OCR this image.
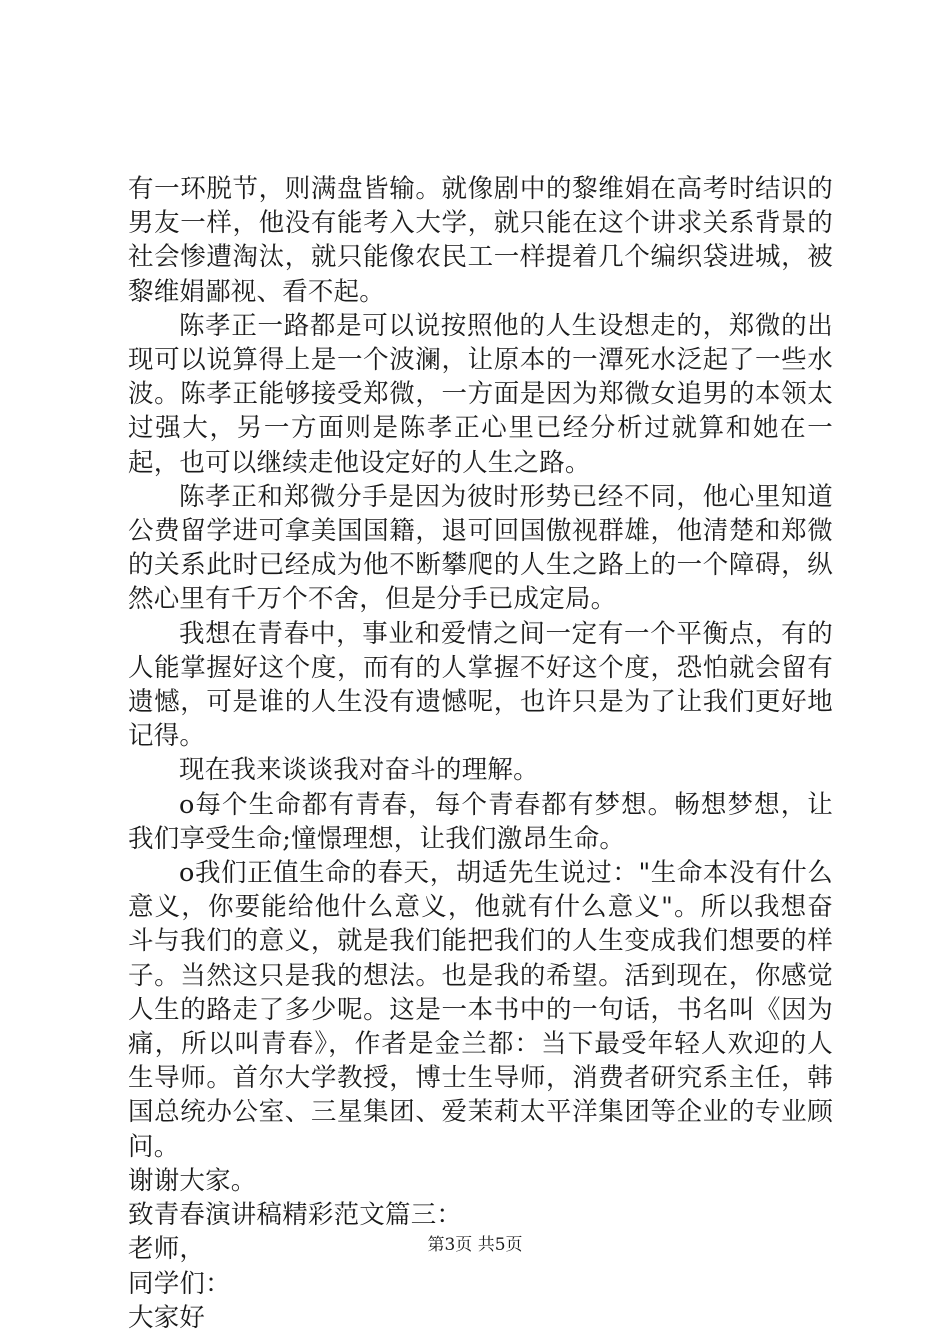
有一环脱节，则满盘皆输。就像剧中的黎维娟在高考时结识的男友一样，他没有能考入大学，就只能在这个讲求关系背景的社会惨遭淘汰，就只能像农民工一样提着几个编织袋进城，被黎维娟鄙视、看不起。

陈孝正一路都是可以说按照他的人生设想走的，郑微的出现可以说算得上是一个波澜，让原本的一潭死水泛起了一些水波。陈孝正能够接受郑微，一方面是因为郑微女追男的本领太过强大，另一方面则是陈孝正心里已经分析过就算和她在一起，也可以继续走他设定好的人生之路。

陈孝正和郑微分手是因为彼时形势已经不同，他心里知道公费留学进可拿美国国籍，退可回国傲视群雄，他清楚和郑微的关系此时已经成为他不断攀爬的人生之路上的一个障碍，纵然心里有千万个不舍，但是分手已成定局。

我想在青春中，事业和爱情之间一定有一个平衡点，有的人能掌握好这个度，而有的人掌握不好这个度，恐怕就会留有遗憾，可是谁的人生没有遗憾呢，也许只是为了让我们更好地记得。

现在我来谈谈我对奋斗的理解。

o每个生命都有青春，每个青春都有梦想。畅想梦想，让我们享受生命;憧憬理想，让我们激昂生命。

o我们正值生命的春天，胡适先生说过："生命本没有什么意义，你要能给他什么意义，他就有什么意义"。所以我想奋斗与我们的意义，就是我们能把我们的人生变成我们想要的样子。当然这只是我的想法。也是我的希望。活到现在，你感觉人生的路走了多少呢。这是一本书中的一句话，书名叫《因为痛，所以叫青春》，作者是金兰都：当下最受年轻人欢迎的人生导师。首尔大学教授，博士生导师，消费者研究系主任，韩国总统办公室、三星集团、爱茉莉太平洋集团等企业的专业顾问。

谢谢大家。

致青春演讲稿精彩范文篇三：

老师，

同学们：

大家好

第3页 共5页
